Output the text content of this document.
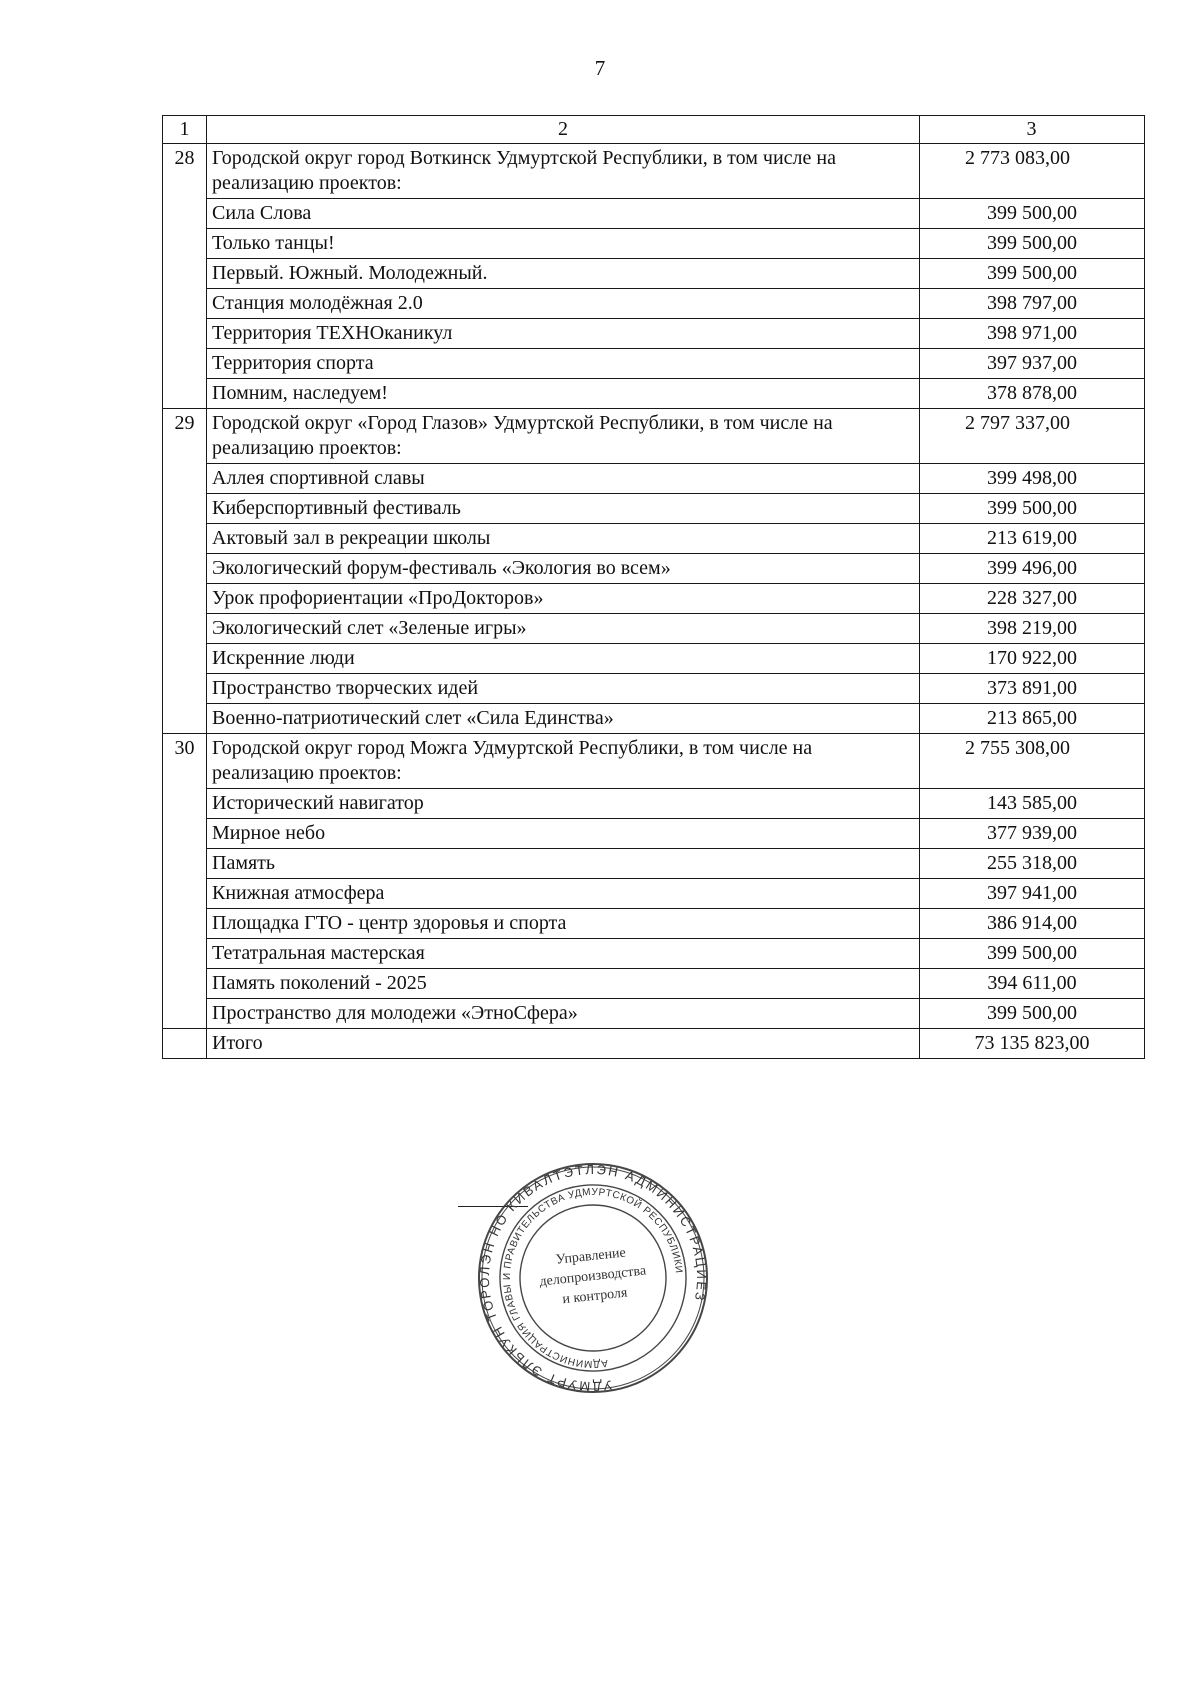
7
1	2	3
28	Городской округ город Воткинск Удмуртской Республики, в том числе на реализацию проектов:	2 773 083,00
	Сила Слова	399 500,00
	Только танцы!	399 500,00
	Первый. Южный. Молодежный.	399 500,00
	Станция молодёжная 2.0	398 797,00
	Территория ТЕХНОканикул	398 971,00
	Территория спорта	397 937,00
	Помним, наследуем!	378 878,00
29	Городской округ «Город Глазов» Удмуртской Республики, в том числе на реализацию проектов:	2 797 337,00
	Аллея спортивной славы	399 498,00
	Киберспортивный фестиваль	399 500,00
	Актовый зал в рекреации школы	213 619,00
	Экологический форум-фестиваль «Экология во всем»	399 496,00
	Урок профориентации «ПроДокторов»	228 327,00
	Экологический слет «Зеленые игры»	398 219,00
	Искренние люди	170 922,00
	Пространство творческих идей	373 891,00
	Военно-патриотический слет «Сила Единства»	213 865,00
30	Городской округ город Можга Удмуртской Республики, в том числе на реализацию проектов:	2 755 308,00
	Исторический навигатор	143 585,00
	Мирное небо	377 939,00
	Память	255 318,00
	Книжная атмосфера	397 941,00
	Площадка ГТО - центр здоровья и спорта	386 914,00
	Тетатральная мастерская	399 500,00
	Память поколений - 2025	394 611,00
	Пространство для молодежи «ЭтноСфера»	399 500,00
	Итого	73 135 823,00
УДМУРТ ЭЛЬКУН ТОРОЛЭН НО КИВАЛТЭТЛЭН АДМИНИСТРАЦИЕЗ
АДМИНИСТРАЦИЯ ГЛАВЫ И ПРАВИТЕЛЬСТВА УДМУРТСКОЙ РЕСПУБЛИКИ
Управление
делопроизводства
и контроля
